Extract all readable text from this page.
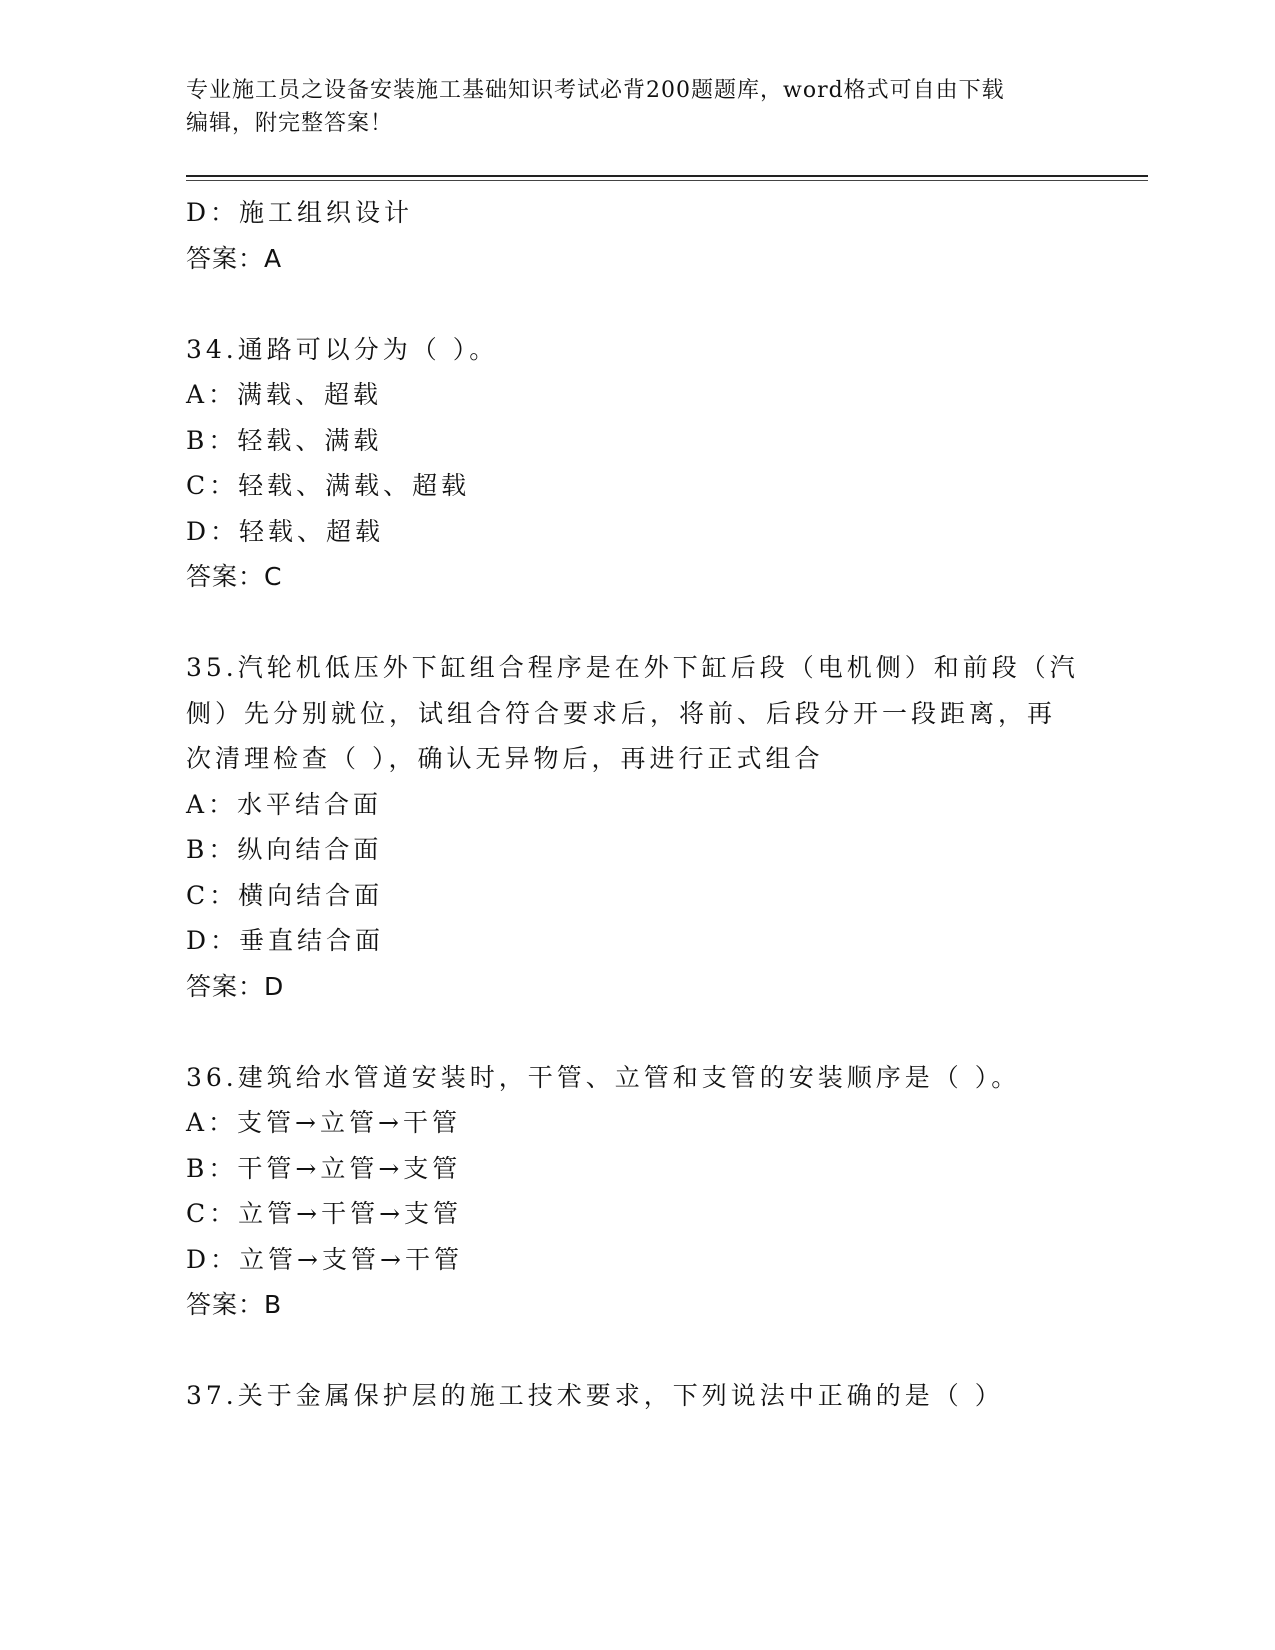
专业施工员之设备安装施工基础知识考试必背200题题库，word格式可自由下载
编辑，附完整答案！
D：施工组织设计
答案：A
34.通路可以分为（ ）。
A：满载、超载
B：轻载、满载
C：轻载、满载、超载
D：轻载、超载
答案：C
35.汽轮机低压外下缸组合程序是在外下缸后段（电机侧）和前段（汽
侧）先分别就位，试组合符合要求后，将前、后段分开一段距离，再
次清理检查（ ），确认无异物后，再进行正式组合
A：水平结合面
B：纵向结合面
C：横向结合面
D：垂直结合面
答案：D
36.建筑给水管道安装时，干管、立管和支管的安装顺序是（ ）。
A：支管→立管→干管
B：干管→立管→支管
C：立管→干管→支管
D：立管→支管→干管
答案：B
37.关于金属保护层的施工技术要求，下列说法中正确的是（ ）
